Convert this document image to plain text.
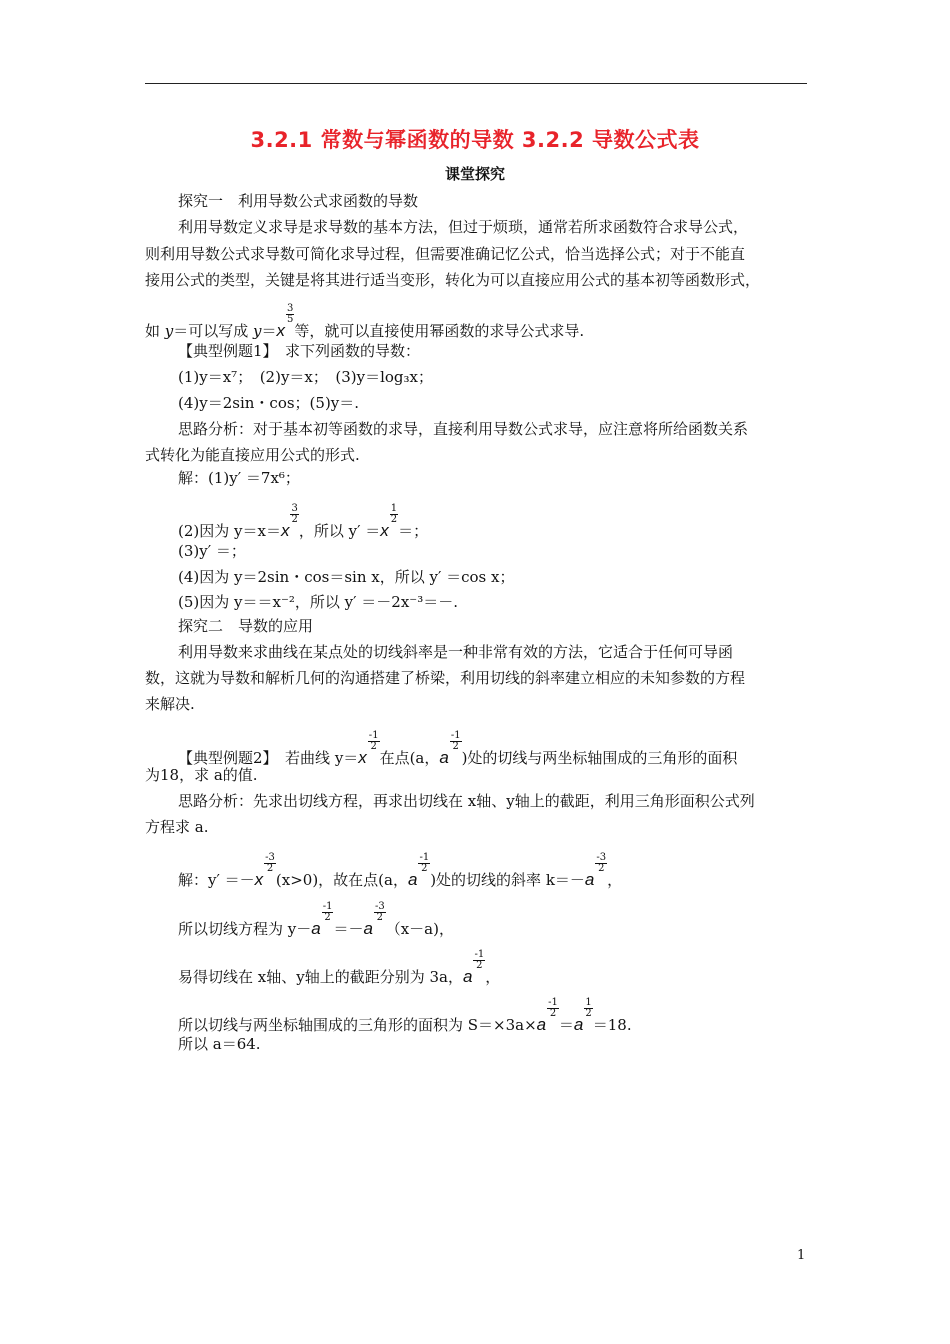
3.2.1 常数与幂函数的导数 3.2.2 导数公式表
课堂探究
探究一　利用导数公式求函数的导数
利用导数定义求导是求导数的基本方法，但过于烦琐，通常若所求函数符合求导公式，
则利用导数公式求导数可简化求导过程，但需要准确记忆公式，恰当选择公式；对于不能直
接用公式的类型，关键是将其进行适当变形，转化为可以直接应用公式的基本初等函数形式，
如 y＝可以写成 y＝x
$\frac{3}{5}$
等，就可以直接使用幂函数的求导公式求导.
【典型例题1】　求下列函数的导数：
(1)y＝x⁷；　(2)y＝x；　(3)y＝log₃x；
(4)y＝2sin・cos；(5)y＝.
思路分析：对于基本初等函数的求导，直接利用导数公式求导，应注意将所给函数关系
式转化为能直接应用公式的形式.
解：(1)y′ ＝7x⁶；
(2)因为 y＝x＝x
$\frac{3}{2}$
，所以 y′ ＝x
$\frac{1}{2}$
＝；
(3)y′ ＝；
(4)因为 y＝2sin・cos＝sin x，所以 y′ ＝cos x；
(5)因为 y＝＝x⁻²，所以 y′ ＝－2x⁻³＝－.
探究二　导数的应用
利用导数来求曲线在某点处的切线斜率是一种非常有效的方法，它适合于任何可导函
数，这就为导数和解析几何的沟通搭建了桥梁，利用切线的斜率建立相应的未知参数的方程
来解决.
【典型例题2】　若曲线 y＝x
$\frac{-1}{2}$
在点(a，a
$\frac{-1}{2}$
)处的切线与两坐标轴围成的三角形的面积
为18，求 a的值.
思路分析：先求出切线方程，再求出切线在 x轴、y轴上的截距，利用三角形面积公式列
方程求 a.
解：y′ ＝－x
$\frac{-3}{2}$
(x>0)，故在点(a，a
$\frac{-1}{2}$
)处的切线的斜率 k＝－a
$\frac{-3}{2}$
，
所以切线方程为 y－a
$\frac{-1}{2}$
＝－a
$\frac{-3}{2}$
（x－a)，
易得切线在 x轴、y轴上的截距分别为 3a，a
$\frac{-1}{2}$
，
所以切线与两坐标轴围成的三角形的面积为 S＝×3a×a
$\frac{-1}{2}$
＝a
$\frac{1}{2}$
＝18.
所以 a＝64.
1
